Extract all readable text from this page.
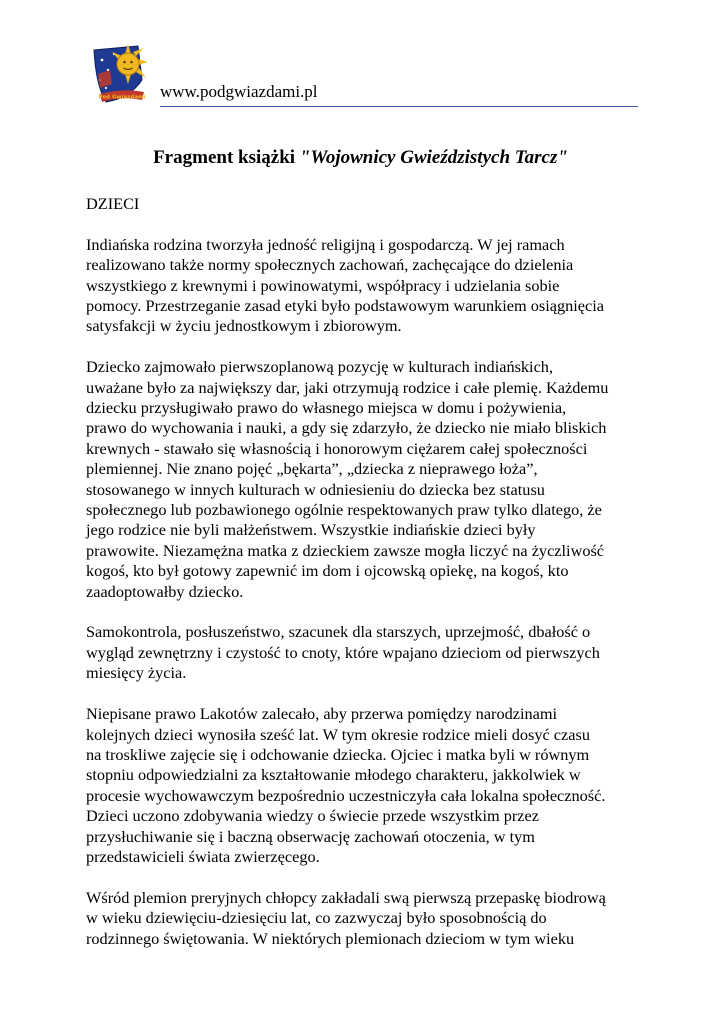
Pod Gwiazdami www.podgwiazdami.pl
Fragment książki "Wojownicy Gwieździstych Tarcz"

DZIECI

Indiańska rodzina tworzyła jedność religijną i gospodarczą. W jej ramach
realizowano także normy społecznych zachowań, zachęcające do dzielenia
wszystkiego z krewnymi i powinowatymi, współpracy i udzielania sobie
pomocy. Przestrzeganie zasad etyki było podstawowym warunkiem osiągnięcia
satysfakcji w życiu jednostkowym i zbiorowym.

Dziecko zajmowało pierwszoplanową pozycję w kulturach indiańskich,
uważane było za największy dar, jaki otrzymują rodzice i całe plemię. Każdemu
dziecku przysługiwało prawo do własnego miejsca w domu i pożywienia,
prawo do wychowania i nauki, a gdy się zdarzyło, że dziecko nie miało bliskich
krewnych - stawało się własnością i honorowym ciężarem całej społeczności
plemiennej. Nie znano pojęć „bękarta”, „dziecka z nieprawego łoża”,
stosowanego w innych kulturach w odniesieniu do dziecka bez statusu
społecznego lub pozbawionego ogólnie respektowanych praw tylko dlatego, że
jego rodzice nie byli małżeństwem. Wszystkie indiańskie dzieci były
prawowite. Niezamężna matka z dzieckiem zawsze mogła liczyć na życzliwość
kogoś, kto był gotowy zapewnić im dom i ojcowską opiekę, na kogoś, kto
zaadoptowałby dziecko.

Samokontrola, posłuszeństwo, szacunek dla starszych, uprzejmość, dbałość o
wygląd zewnętrzny i czystość to cnoty, które wpajano dzieciom od pierwszych
miesięcy życia.

Niepisane prawo Lakotów zalecało, aby przerwa pomiędzy narodzinami
kolejnych dzieci wynosiła sześć lat. W tym okresie rodzice mieli dosyć czasu
na troskliwe zajęcie się i odchowanie dziecka. Ojciec i matka byli w równym
stopniu odpowiedzialni za kształtowanie młodego charakteru, jakkolwiek w
procesie wychowawczym bezpośrednio uczestniczyła cała lokalna społeczność.
Dzieci uczono zdobywania wiedzy o świecie przede wszystkim przez
przysłuchiwanie się i baczną obserwację zachowań otoczenia, w tym
przedstawicieli świata zwierzęcego.

Wśród plemion preryjnych chłopcy zakładali swą pierwszą przepaskę biodrową
w wieku dziewięciu-dziesięciu lat, co zazwyczaj było sposobnością do
rodzinnego świętowania. W niektórych plemionach dzieciom w tym wieku
